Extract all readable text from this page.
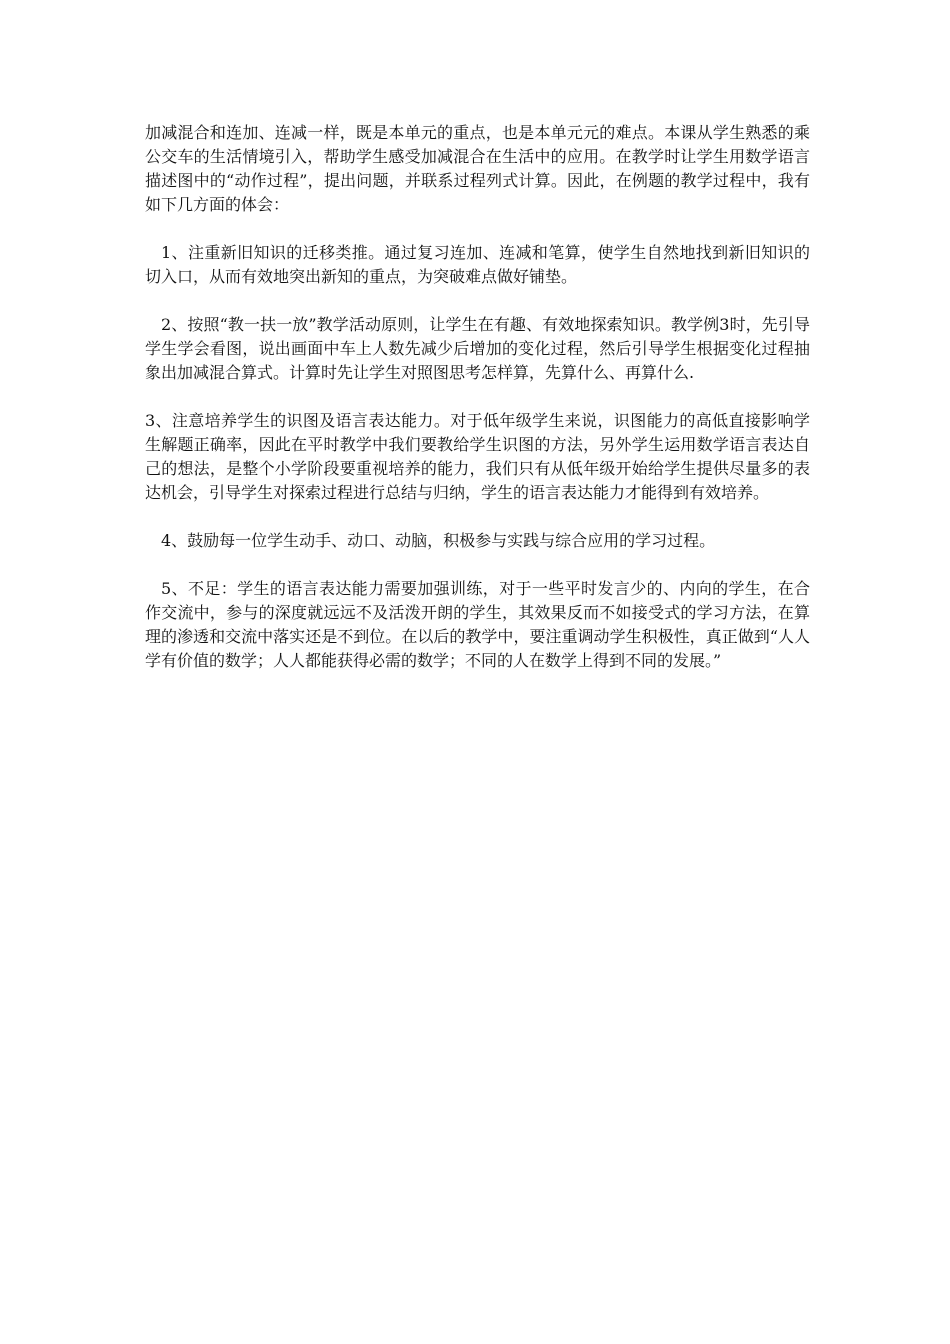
加减混合和连加、连减一样，既是本单元的重点，也是本单元元的难点。本课从学生熟悉的乘公交车的生活情境引入，帮助学生感受加减混合在生活中的应用。在教学时让学生用数学语言描述图中的“动作过程”，提出问题，并联系过程列式计算。因此，在例题的教学过程中，我有如下几方面的体会：

1、注重新旧知识的迁移类推。通过复习连加、连减和笔算，使学生自然地找到新旧知识的切入口，从而有效地突出新知的重点，为突破难点做好铺垫。

2、按照“教一扶一放”教学活动原则，让学生在有趣、有效地探索知识。教学例3时，先引导学生学会看图，说出画面中车上人数先减少后增加的变化过程，然后引导学生根据变化过程抽象出加减混合算式。计算时先让学生对照图思考怎样算，先算什么、再算什么.

3、注意培养学生的识图及语言表达能力。对于低年级学生来说，识图能力的高低直接影响学生解题正确率，因此在平时教学中我们要教给学生识图的方法，另外学生运用数学语言表达自己的想法，是整个小学阶段要重视培养的能力，我们只有从低年级开始给学生提供尽量多的表达机会，引导学生对探索过程进行总结与归纳，学生的语言表达能力才能得到有效培养。

4、鼓励每一位学生动手、动口、动脑，积极参与实践与综合应用的学习过程。

5、不足：学生的语言表达能力需要加强训练，对于一些平时发言少的、内向的学生，在合作交流中，参与的深度就远远不及活泼开朗的学生，其效果反而不如接受式的学习方法，在算理的渗透和交流中落实还是不到位。在以后的教学中，要注重调动学生积极性，真正做到“人人学有价值的数学；人人都能获得必需的数学；不同的人在数学上得到不同的发展。”
